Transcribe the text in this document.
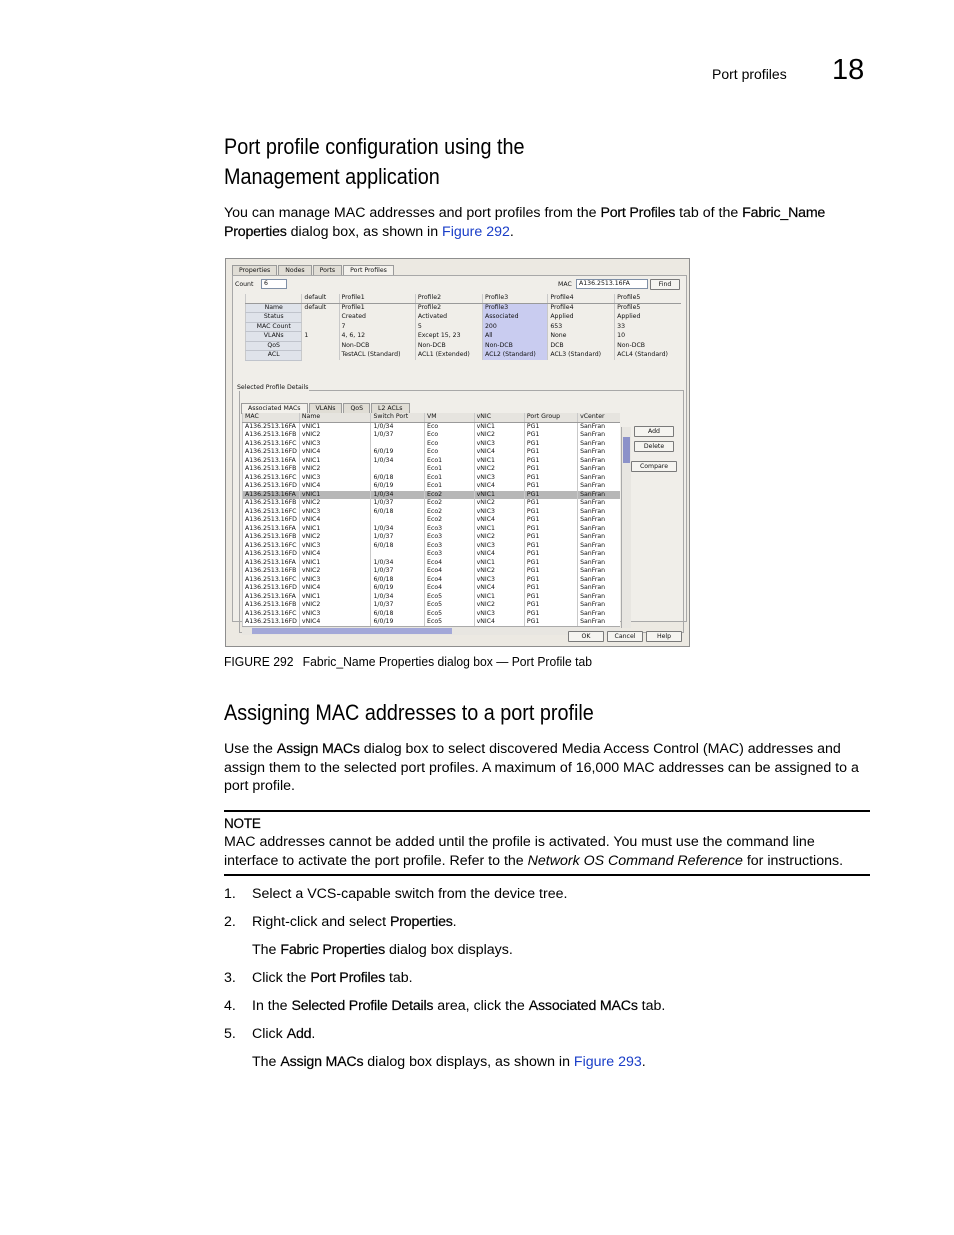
Port profiles 18
Port profile configuration using the
Management application
You can manage MAC addresses and port profiles from the Port Profiles tab of the Fabric_Name Properties dialog box, as shown in Figure 292.
Properties	Nodes	Ports	Port Profiles
Count	6	MAC	A136.2513.16FA	Find
	default	Profile1	Profile2	Profile3	Profile4	Profile5
Name	default	Profile1	Profile2	Profile3	Profile4	Profile5
Status		Created	Activated	Associated	Applied	Applied
MAC Count		7	5	200	653	33
VLANs	1	4, 6, 12	Except 15, 23	All	None	10
QoS		Non-DCB	Non-DCB	Non-DCB	DCB	Non-DCB
ACL		TestACL (Standard)	ACL1 (Extended)	ACL2 (Standard)	ACL3 (Standard)	ACL4 (Standard)
Selected Profile Details
Associated MACs	VLANs	QoS	L2 ACLs
MAC	Name	Switch Port	VM	vNIC	Port Group	vCenter
A136.2513.16FA	vNIC1	1/0/34	Eco	vNIC1	PG1	SanFran
A136.2513.16FB	vNIC2	1/0/37	Eco	vNIC2	PG1	SanFran
A136.2513.16FC	vNIC3		Eco	vNIC3	PG1	SanFran
A136.2513.16FD	vNIC4	6/0/19	Eco	vNIC4	PG1	SanFran
A136.2513.16FA	vNIC1	1/0/34	Eco1	vNIC1	PG1	SanFran
A136.2513.16FB	vNIC2		Eco1	vNIC2	PG1	SanFran
A136.2513.16FC	vNIC3	6/0/18	Eco1	vNIC3	PG1	SanFran
A136.2513.16FD	vNIC4	6/0/19	Eco1	vNIC4	PG1	SanFran
A136.2513.16FA	vNIC1	1/0/34	Eco2	vNIC1	PG1	SanFran
A136.2513.16FB	vNIC2	1/0/37	Eco2	vNIC2	PG1	SanFran
A136.2513.16FC	vNIC3	6/0/18	Eco2	vNIC3	PG1	SanFran
A136.2513.16FD	vNIC4		Eco2	vNIC4	PG1	SanFran
A136.2513.16FA	vNIC1	1/0/34	Eco3	vNIC1	PG1	SanFran
A136.2513.16FB	vNIC2	1/0/37	Eco3	vNIC2	PG1	SanFran
A136.2513.16FC	vNIC3	6/0/18	Eco3	vNIC3	PG1	SanFran
A136.2513.16FD	vNIC4		Eco3	vNIC4	PG1	SanFran
A136.2513.16FA	vNIC1	1/0/34	Eco4	vNIC1	PG1	SanFran
A136.2513.16FB	vNIC2	1/0/37	Eco4	vNIC2	PG1	SanFran
A136.2513.16FC	vNIC3	6/0/18	Eco4	vNIC3	PG1	SanFran
A136.2513.16FD	vNIC4	6/0/19	Eco4	vNIC4	PG1	SanFran
A136.2513.16FA	vNIC1	1/0/34	Eco5	vNIC1	PG1	SanFran
A136.2513.16FB	vNIC2	1/0/37	Eco5	vNIC2	PG1	SanFran
A136.2513.16FC	vNIC3	6/0/18	Eco5	vNIC3	PG1	SanFran
A136.2513.16FD	vNIC4	6/0/19	Eco5	vNIC4	PG1	SanFran
Add
Delete
Compare
OK	Cancel	Help
FIGURE 292 Fabric_Name Properties dialog box — Port Profile tab
Assigning MAC addresses to a port profile
Use the Assign MACs dialog box to select discovered Media Access Control (MAC) addresses and assign them to the selected port profiles. A maximum of 16,000 MAC addresses can be assigned to a port profile.
NOTE
MAC addresses cannot be added until the profile is activated. You must use the command line interface to activate the port profile. Refer to the Network OS Command Reference for instructions.
1. Select a VCS-capable switch from the device tree.
2. Right-click and select Properties.
The Fabric Properties dialog box displays.
3. Click the Port Profiles tab.
4. In the Selected Profile Details area, click the Associated MACs tab.
5. Click Add.
The Assign MACs dialog box displays, as shown in Figure 293.
